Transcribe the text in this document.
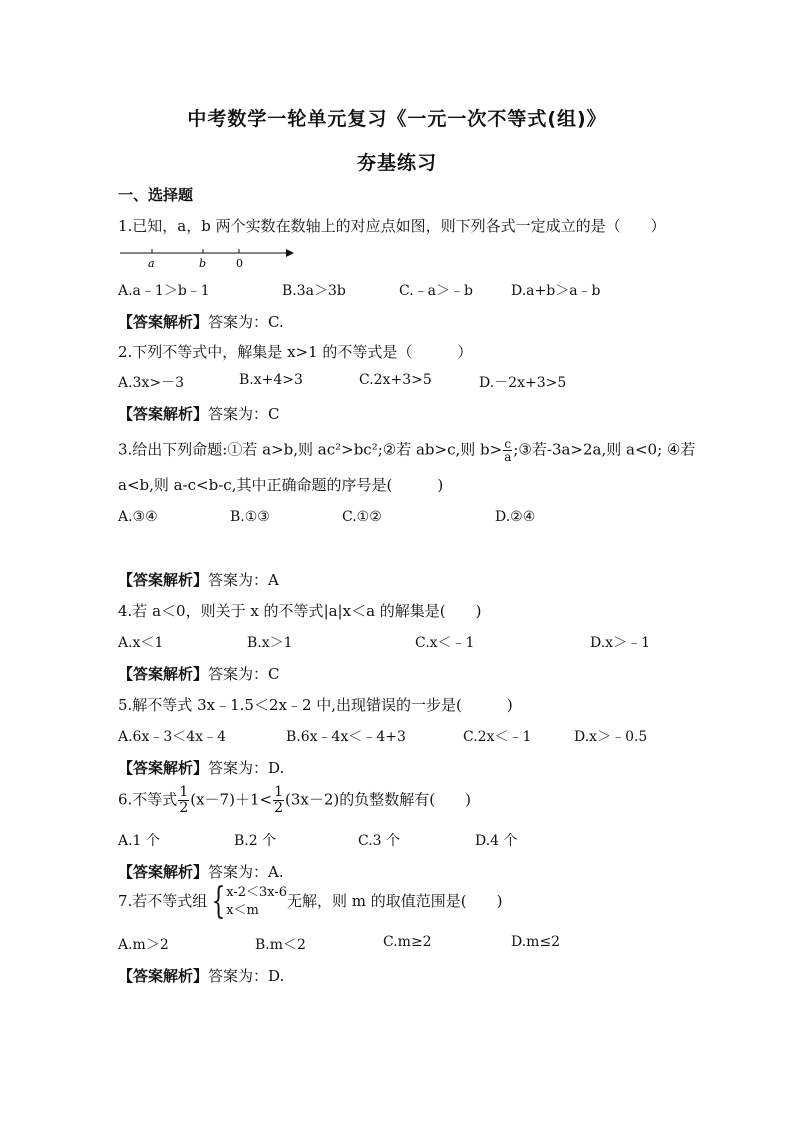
中考数学一轮单元复习《一元一次不等式(组)》
夯基练习
一、选择题
1.已知，a，b 两个实数在数轴上的对应点如图，则下列各式一定成立的是（　　）
a	b	0
A.a﹣1＞b﹣1	B.3a＞3b	C.﹣a＞﹣b	D.a+b＞a﹣b
【答案解析】答案为：C.
2.下列不等式中，解集是 x>1 的不等式是（　　　）
A.3x>－3	B.x+4>3	C.2x+3>5	D.－2x+3>5
【答案解析】答案为：C
3.给出下列命题:①若 a>b,则 ac²>bc²;②若 ab>c,则 $b> \frac{c}{a}$ ;③若-3a>2a,则 a<0; ④若
a<b,则 a-c<b-c,其中正确命题的序号是(　　　)
A.③④	B.①③	C.①②	D.②④
【答案解析】答案为：A
4.若 a＜0，则关于 x 的不等式|a|x＜a 的解集是(　　)
A.x＜1	B.x＞1	C.x＜﹣1	D.x＞﹣1
【答案解析】答案为：C
5.解不等式 3x﹣1.5＜2x﹣2 中,出现错误的一步是(　　　)
A.6x﹣3＜4x﹣4	B.6x﹣4x＜﹣4+3	C.2x＜﹣1	D.x＞﹣0.5
【答案解析】答案为：D.
6.不等式 $\frac{1}{2} (x-7)+1< \frac{1}{2} (3x-2)$的负整数解有(　　)
A.1 个	B.2 个	C.3 个	D.4 个
【答案解析】答案为：A.
7.若不等式组 { x-2＜3x-6
x＜m
无解，则 m 的取值范围是(　　)
A.m＞2	B.m＜2	C.m≥2	D.m≤2
【答案解析】答案为：D.
